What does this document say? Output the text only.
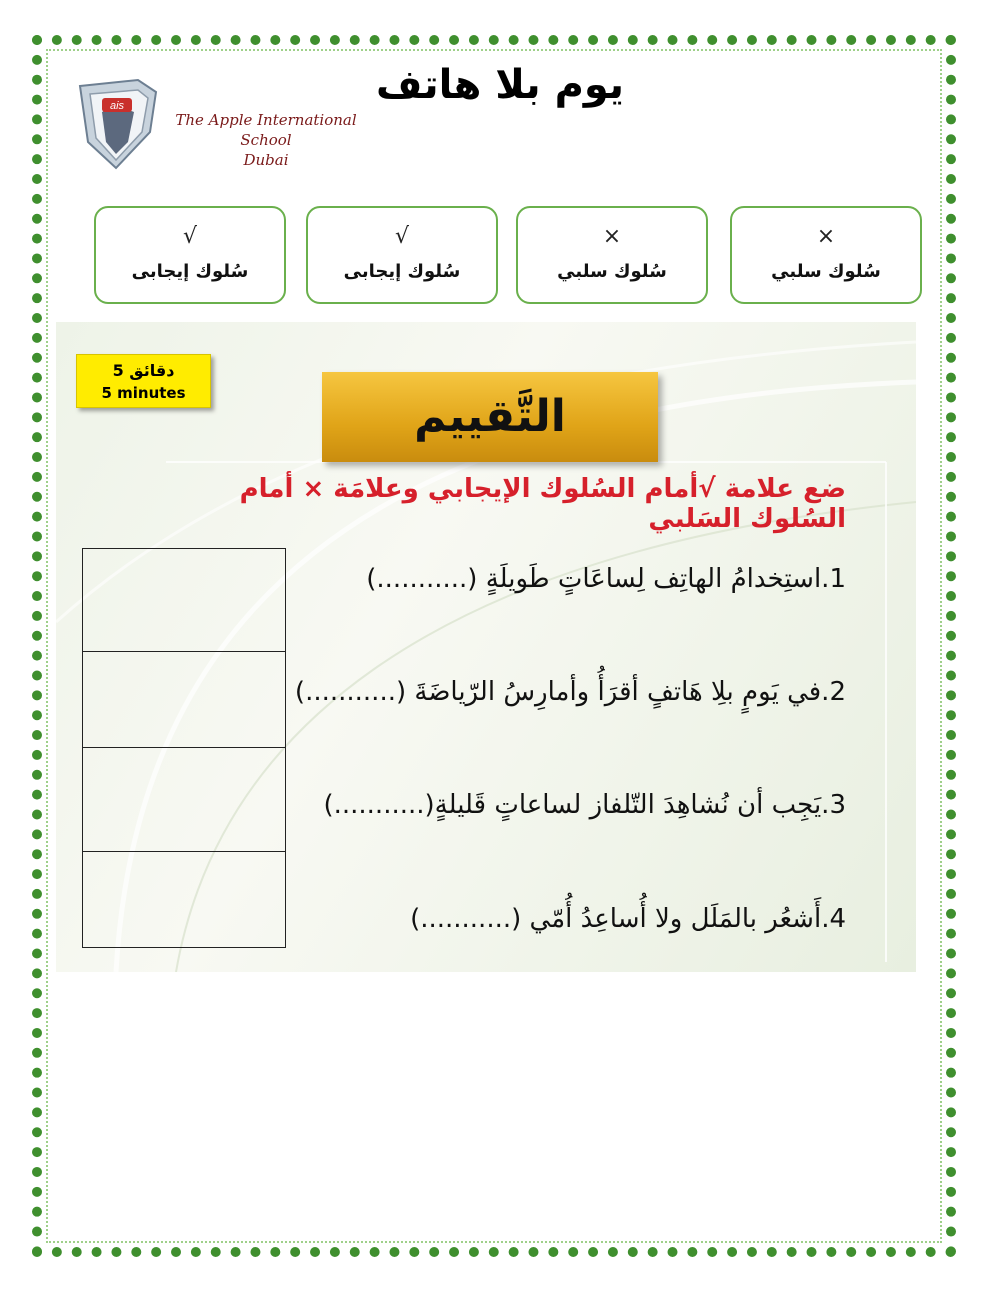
يوم بلا هاتف
ais
The Apple International School
Dubai
×
سُلوك سلبي
×
سُلوك سلبي
√
سُلوك إيجابى
√
سُلوك إيجابى
5 دقائق
5 minutes	التَّقييم
ضع علامة √أمام السُلوك الإيجابي وعلامَة × أمام السُلوك السَلبي
1.استِخدامُ الهاتِف لِساعَاتٍ طَويلَةٍ (...........)
2.في يَومٍ بلِا هَاتفٍ أقرَأُ وأمارِسُ الرّياضَةَ (...........)
3.يَجِب أن نُشاهِدَ التّلفاز لساعاتٍ قَليلةٍ(...........)
4.أَشعُر بالمَلَل ولا أُساعِدُ أُمّي (...........)
